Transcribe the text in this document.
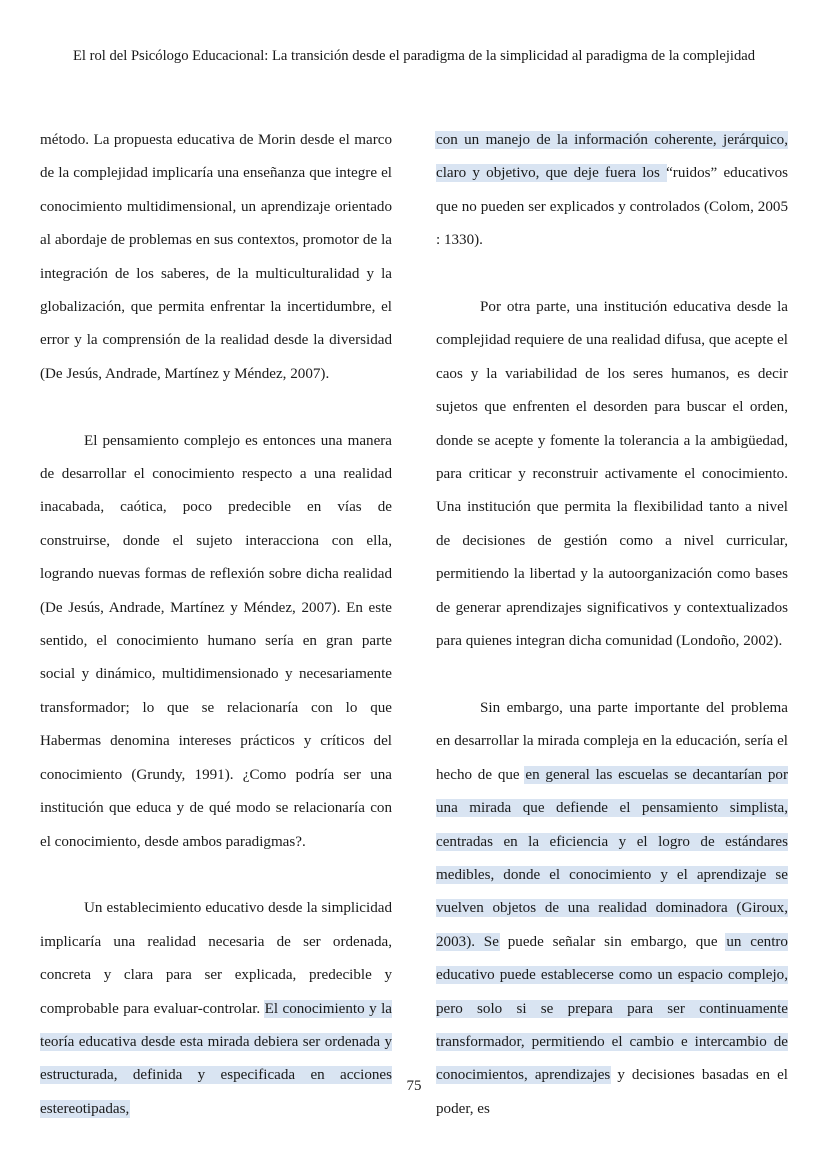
El rol del Psicólogo Educacional: La transición desde el paradigma de la simplicidad al paradigma de la complejidad

método. La propuesta educativa de Morin desde el marco de la complejidad implicaría una enseñanza que integre el conocimiento multidimensional, un aprendizaje orientado al abordaje de problemas en sus contextos, promotor de la integración de los saberes, de la multiculturalidad y la globalización, que permita enfrentar la incertidumbre, el error y la comprensión de la realidad desde la diversidad (De Jesús, Andrade, Martínez y Méndez, 2007).

El pensamiento complejo es entonces una manera de desarrollar el conocimiento respecto a una realidad inacabada, caótica, poco predecible en vías de construirse, donde el sujeto interacciona con ella, logrando nuevas formas de reflexión sobre dicha realidad (De Jesús, Andrade, Martínez y Méndez, 2007). En este sentido, el conocimiento humano sería en gran parte social y dinámico, multidimensionado y necesariamente transformador; lo que se relacionaría con lo que Habermas denomina intereses prácticos y críticos del conocimiento (Grundy, 1991). ¿Como podría ser una institución que educa y de qué modo se relacionaría con el conocimiento, desde ambos paradigmas?.

Un establecimiento educativo desde la simplicidad implicaría una realidad necesaria de ser ordenada, concreta y clara para ser explicada, predecible y comprobable para evaluar-controlar. El conocimiento y la teoría educativa desde esta mirada debiera ser ordenada y estructurada, definida y especificada en acciones estereotipadas,

con un manejo de la información coherente, jerárquico, claro y objetivo, que deje fuera los “ruidos” educativos que no pueden ser explicados y controlados (Colom, 2005 : 1330).

Por otra parte, una institución educativa desde la complejidad requiere de una realidad difusa, que acepte el caos y la variabilidad de los seres humanos, es decir sujetos que enfrenten el desorden para buscar el orden, donde se acepte y fomente la tolerancia a la ambigüedad, para criticar y reconstruir activamente el conocimiento. Una institución que permita la flexibilidad tanto a nivel de decisiones de gestión como a nivel curricular, permitiendo la libertad y la autoorganización como bases de generar aprendizajes significativos y contextualizados para quienes integran dicha comunidad (Londoño, 2002).

Sin embargo, una parte importante del problema en desarrollar la mirada compleja en la educación, sería el hecho de que en general las escuelas se decantarían por una mirada que defiende el pensamiento simplista, centradas en la eficiencia y el logro de estándares medibles, donde el conocimiento y el aprendizaje se vuelven objetos de una realidad dominadora (Giroux, 2003). Se puede señalar sin embargo, que un centro educativo puede establecerse como un espacio complejo, pero solo si se prepara para ser continuamente transformador, permitiendo el cambio e intercambio de conocimientos, aprendizajes y decisiones basadas en el poder, es

75
